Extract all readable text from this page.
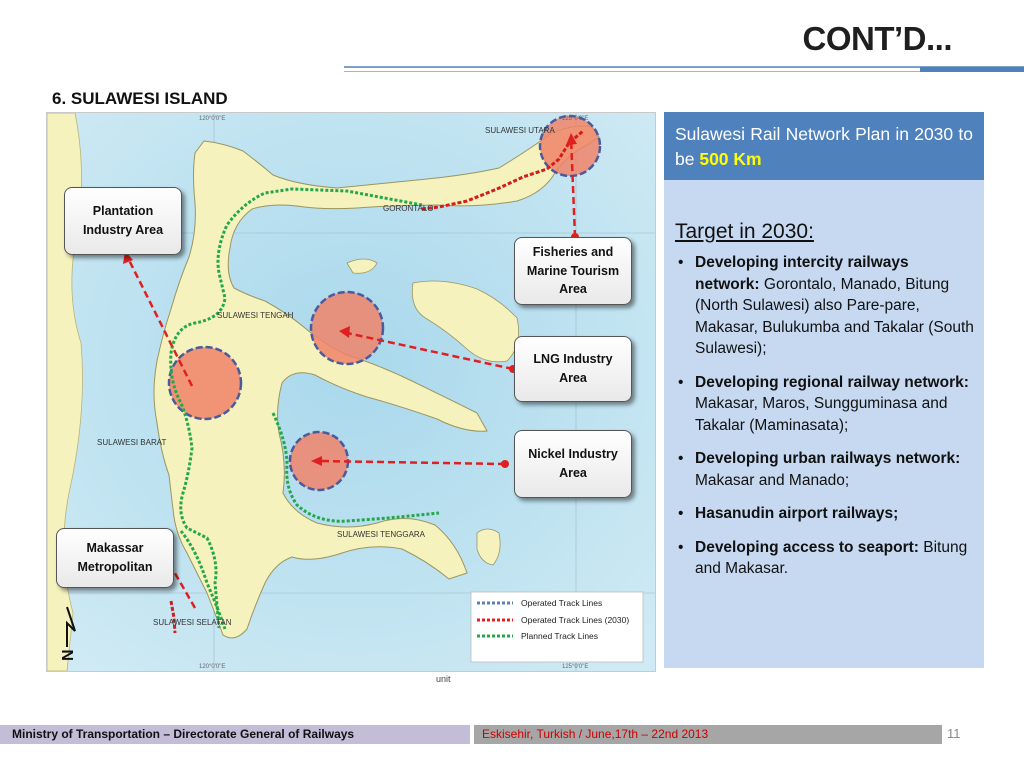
CONT’D...
6. SULAWESI ISLAND
SULAWESI UTARA
GORONTALO
SULAWESI TENGAH
SULAWESI BARAT
SULAWESI TENGGARA
SULAWESI SELATAN
120°0'0"E	125°0'0"E
120°0'0"E	125°0'0"E
N
Operated Track Lines
Operated Track Lines (2030)
Planned Track Lines
unit
Plantation Industry Area
Fisheries and Marine Tourism Area
LNG Industry Area
Nickel Industry Area
Makassar Metropolitan
Sulawesi Rail Network Plan in 2030 to be 500 Km
Target in 2030:
• Developing intercity railways network: Gorontalo, Manado, Bitung (North Sulawesi) also Pare-pare, Makasar, Bulukumba and Takalar (South Sulawesi);
• Developing regional railway network: Makasar, Maros, Sungguminasa and Takalar (Maminasata);
• Developing urban railways network: Makasar and Manado;
• Hasanudin airport railways;
• Developing access to seaport: Bitung and Makasar.
Ministry of Transportation – Directorate General of Railways	Eskisehir, Turkish / June,17th – 22nd 2013	11
